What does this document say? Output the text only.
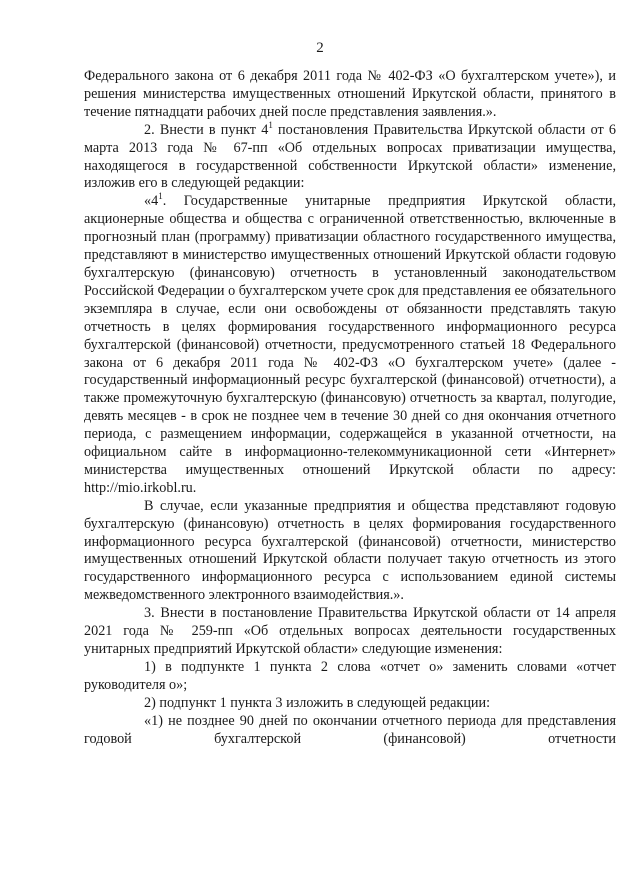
2

Федерального закона от 6 декабря 2011 года № 402-ФЗ «О бухгалтерском учете»), и решения министерства имущественных отношений Иркутской области, принятого в течение пятнадцати рабочих дней после представления заявления.».

2. Внести в пункт $4^1$ постановления Правительства Иркутской области от 6 марта 2013 года № 67-пп «Об отдельных вопросах приватизации имущества, находящегося в государственной собственности Иркутской области» изменение, изложив его в следующей редакции:

«$4^1$. Государственные унитарные предприятия Иркутской области, акционерные общества и общества с ограниченной ответственностью, включенные в прогнозный план (программу) приватизации областного государственного имущества, представляют в министерство имущественных отношений Иркутской области годовую бухгалтерскую (финансовую) отчетность в установленный законодательством Российской Федерации о бухгалтерском учете срок для представления ее обязательного экземпляра в случае, если они освобождены от обязанности представлять такую отчетность в целях формирования государственного информационного ресурса бухгалтерской (финансовой) отчетности, предусмотренного статьей 18 Федерального закона от 6 декабря 2011 года № 402-ФЗ «О бухгалтерском учете» (далее - государственный информационный ресурс бухгалтерской (финансовой) отчетности), а также промежуточную бухгалтерскую (финансовую) отчетность за квартал, полугодие, девять месяцев - в срок не позднее чем в течение 30 дней со дня окончания отчетного периода, с размещением информации, содержащейся в указанной отчетности, на официальном сайте в информационно-телекоммуникационной сети «Интернет» министерства имущественных отношений Иркутской области по адресу: http://mio.irkobl.ru.

В случае, если указанные предприятия и общества представляют годовую бухгалтерскую (финансовую) отчетность в целях формирования государственного информационного ресурса бухгалтерской (финансовой) отчетности, министерство имущественных отношений Иркутской области получает такую отчетность из этого государственного информационного ресурса с использованием единой системы межведомственного электронного взаимодействия.».

3. Внести в постановление Правительства Иркутской области от 14 апреля 2021 года № 259-пп «Об отдельных вопросах деятельности государственных унитарных предприятий Иркутской области» следующие изменения:

1) в подпункте 1 пункта 2 слова «отчет о» заменить словами «отчет руководителя о»;

2) подпункт 1 пункта 3 изложить в следующей редакции:

«1) не позднее 90 дней по окончании отчетного периода для представления годовой бухгалтерской (финансовой) отчетности
